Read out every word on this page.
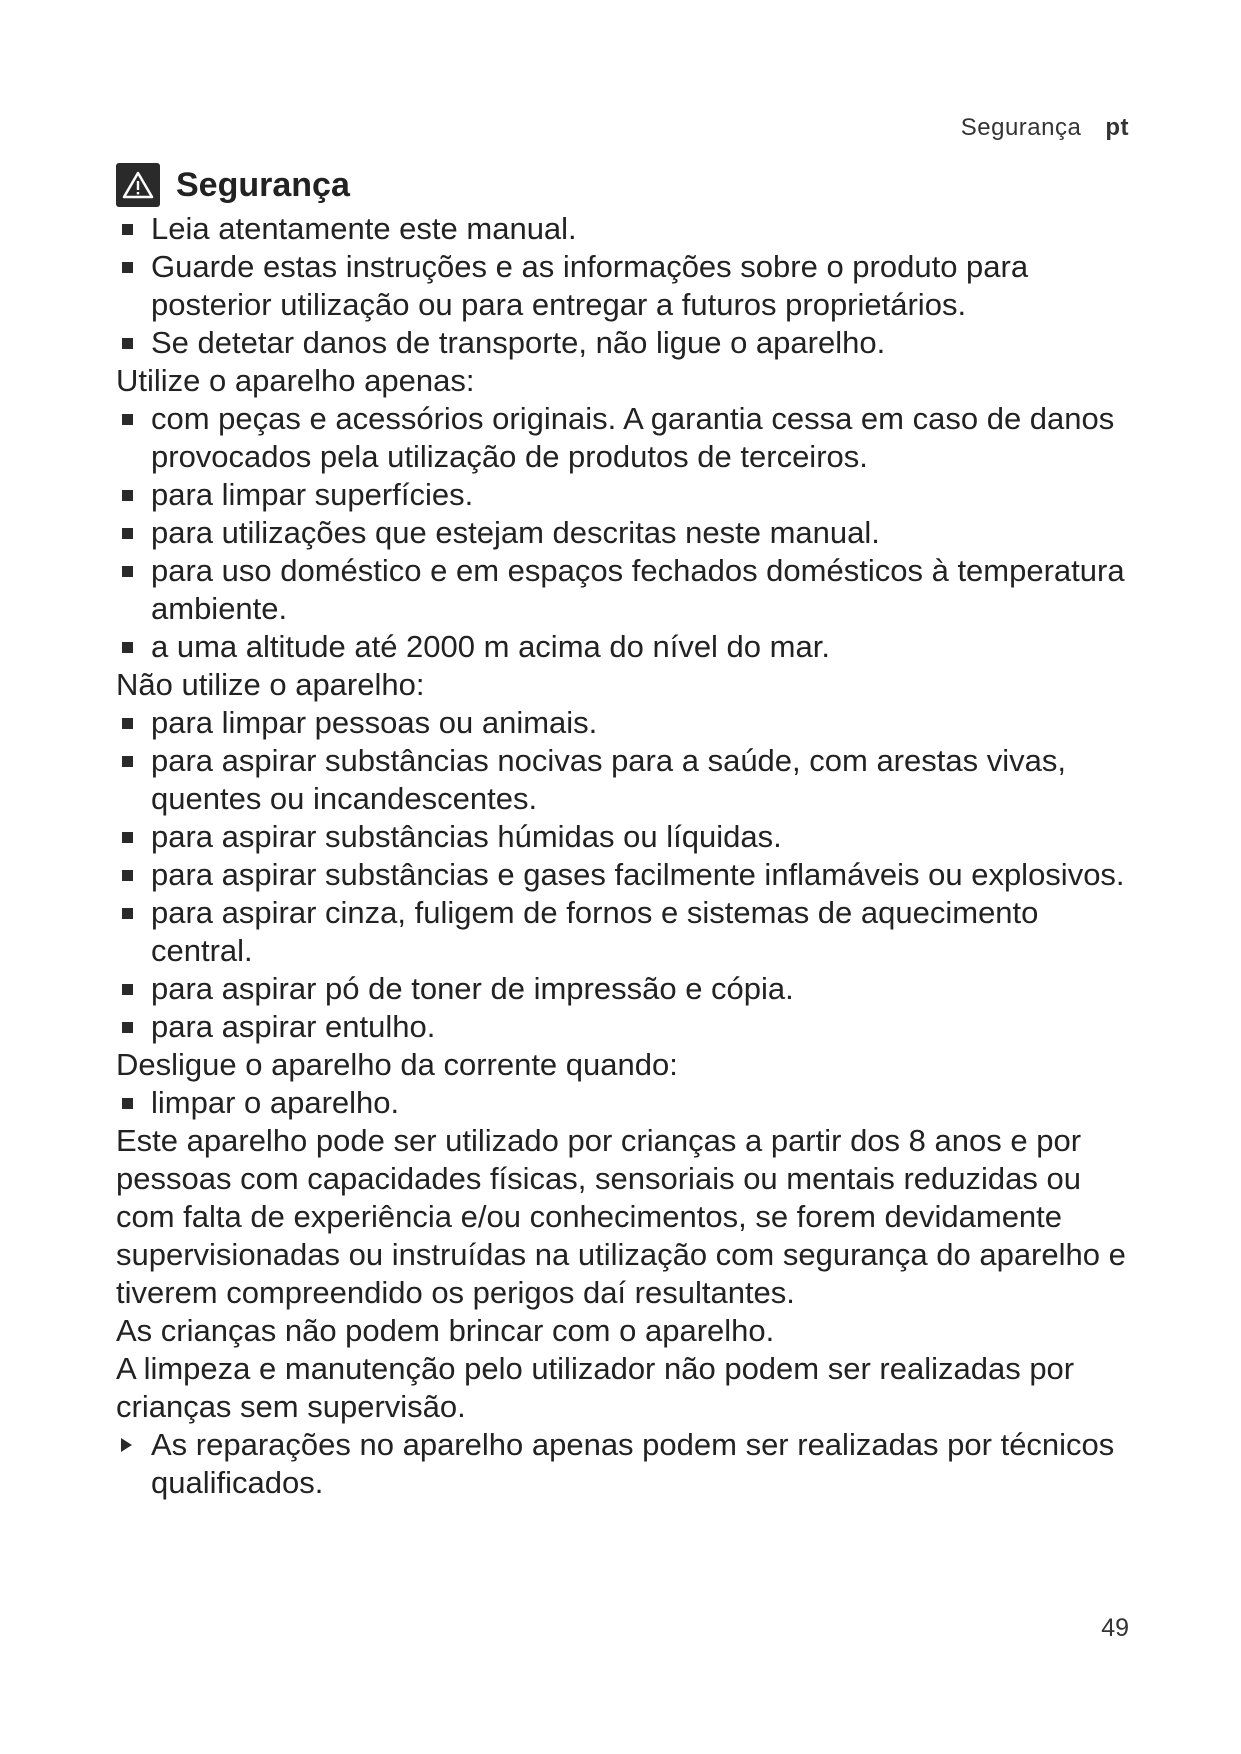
Segurança pt
Segurança
Leia atentamente este manual.
Guarde estas instruções e as informações sobre o produto para posterior utilização ou para entregar a futuros proprietários.
Se detetar danos de transporte, não ligue o aparelho.

Utilize o aparelho apenas:

com peças e acessórios originais. A garantia cessa em caso de danos provocados pela utilização de produtos de terceiros.
para limpar superfícies.
para utilizações que estejam descritas neste manual.
para uso doméstico e em espaços fechados domésticos à temperatura ambiente.
a uma altitude até 2000 m acima do nível do mar.

Não utilize o aparelho:

para limpar pessoas ou animais.
para aspirar substâncias nocivas para a saúde, com arestas vivas, quentes ou incandescentes.
para aspirar substâncias húmidas ou líquidas.
para aspirar substâncias e gases facilmente inflamáveis ou explosivos.
para aspirar cinza, fuligem de fornos e sistemas de aquecimento central.
para aspirar pó de toner de impressão e cópia.
para aspirar entulho.

Desligue o aparelho da corrente quando:

limpar o aparelho.

Este aparelho pode ser utilizado por crianças a partir dos 8 anos e por pessoas com capacidades físicas, sensoriais ou mentais reduzidas ou com falta de experiência e/ou conhecimentos, se forem devidamente supervisionadas ou instruídas na utilização com segurança do aparelho e tiverem compreendido os perigos daí resultantes.

As crianças não podem brincar com o aparelho.

A limpeza e manutenção pelo utilizador não podem ser realizadas por crianças sem supervisão.

As reparações no aparelho apenas podem ser realizadas por técnicos qualificados.
49
